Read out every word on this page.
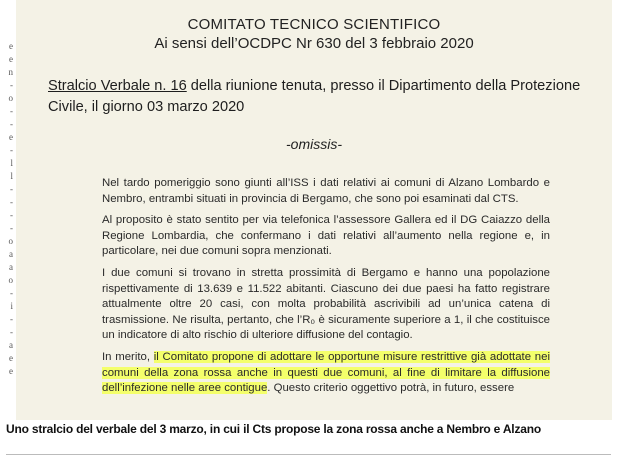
e
e
n
-
o
-
-
e
-
l
l
-
-
-
-
o
a
a
o
-
i
-
-
a
e
e
COMITATO TECNICO SCIENTIFICO
Ai sensi dell’OCDPC Nr 630 del 3 febbraio 2020
Stralcio Verbale n. 16 della riunione tenuta, presso il Dipartimento della Protezione Civile, il giorno 03 marzo 2020
-omissis-

Nel tardo pomeriggio sono giunti all’ISS i dati relativi ai comuni di Alzano Lombardo e Nembro, entrambi situati in provincia di Bergamo, che sono poi esaminati dal CTS.

Al proposito è stato sentito per via telefonica l’assessore Gallera ed il DG Caiazzo della Regione Lombardia, che confermano i dati relativi all’aumento nella regione e, in particolare, nei due comuni sopra menzionati.

I due comuni si trovano in stretta prossimità di Bergamo e hanno una popolazione rispettivamente di 13.639 e 11.522 abitanti. Ciascuno dei due paesi ha fatto registrare attualmente oltre 20 casi, con molta probabilità ascrivibili ad un’unica catena di trasmissione. Ne risulta, pertanto, che l’R₀ è sicuramente superiore a 1, il che costituisce un indicatore di alto rischio di ulteriore diffusione del contagio.

In merito, il Comitato propone di adottare le opportune misure restrittive già adottate nei comuni della zona rossa anche in questi due comuni, al fine di limitare la diffusione dell’infezione nelle aree contigue. Questo criterio oggettivo potrà, in futuro, essere

Uno stralcio del verbale del 3 marzo, in cui il Cts propose la zona rossa anche a Nembro e Alzano
